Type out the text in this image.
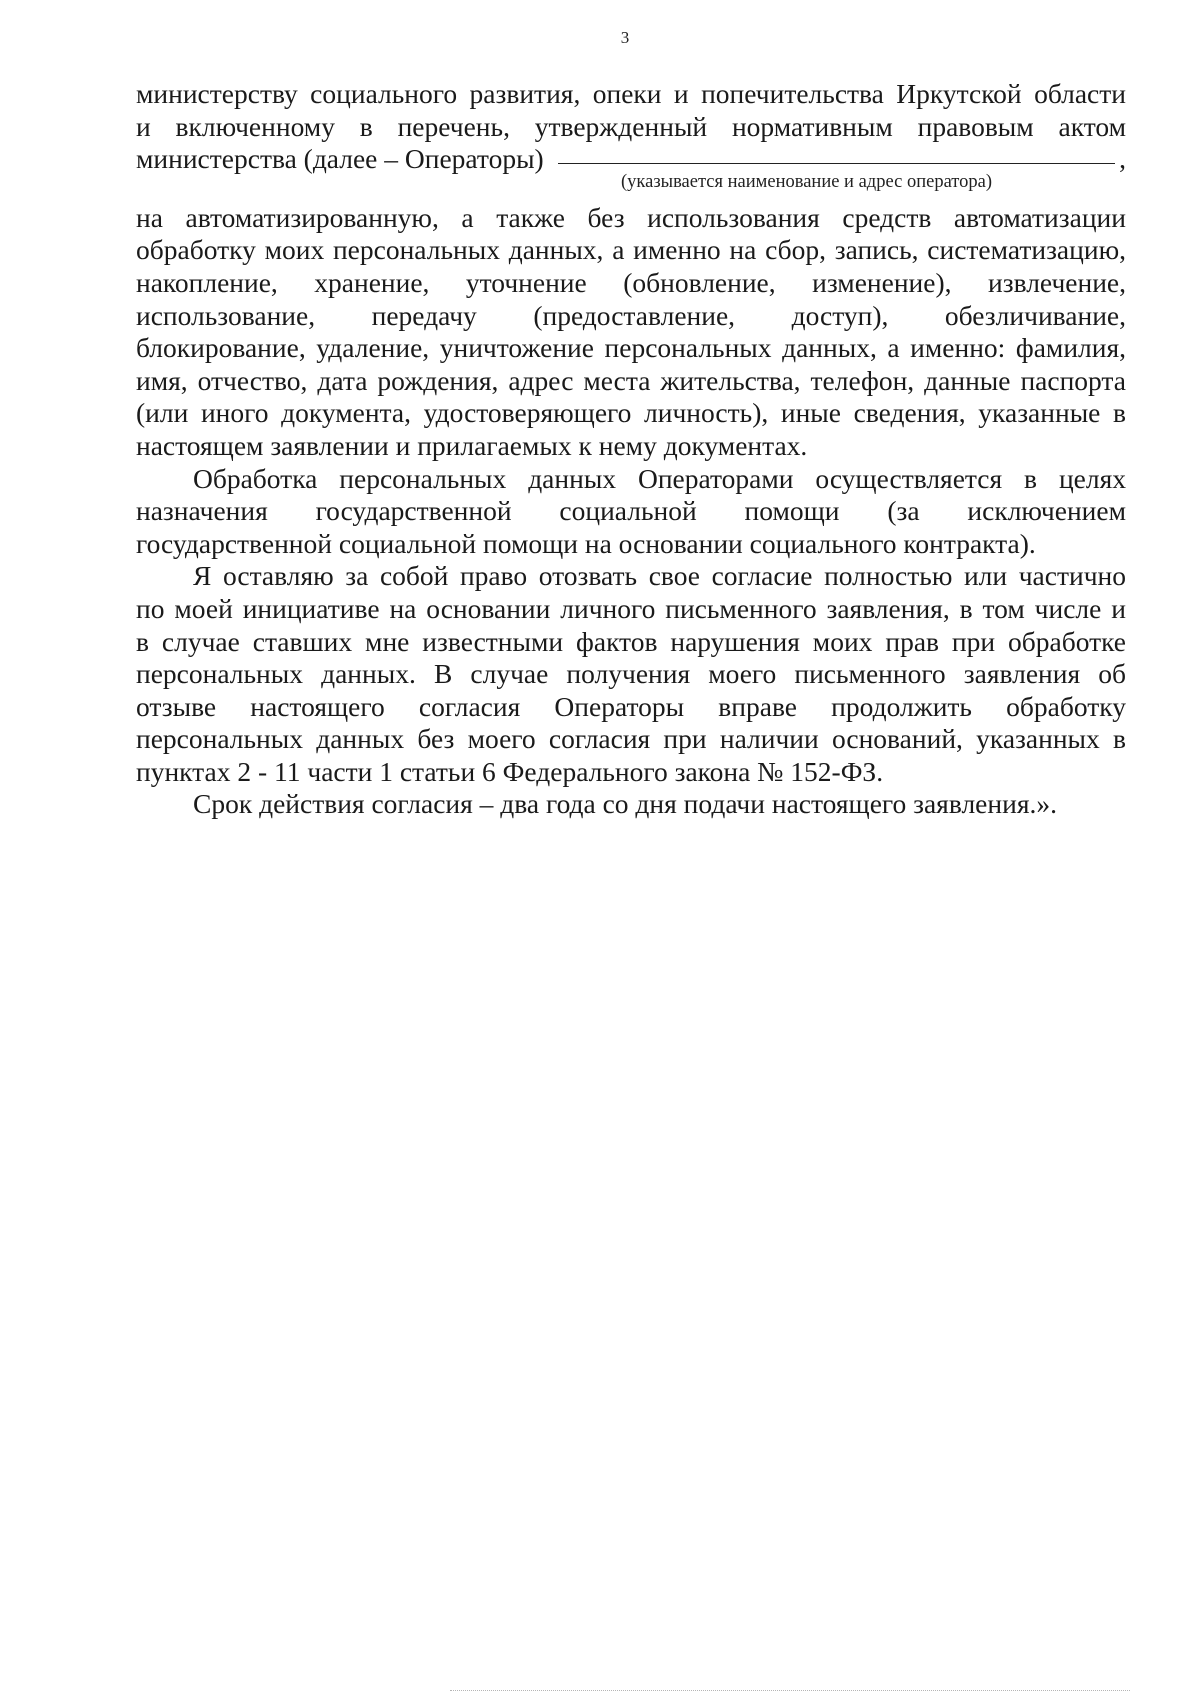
3

министерству социального развития, опеки и попечительства Иркутской области
и включенному в перечень, утвержденный нормативным правовым актом
министерства (далее – Операторы)	,
(указывается наименование и адрес оператора)
на автоматизированную, а также без использования средств автоматизации
обработку моих персональных данных, а именно на сбор, запись, систематизацию,
накопление, хранение, уточнение (обновление, изменение), извлечение,
использование, передачу (предоставление, доступ), обезличивание,
блокирование, удаление, уничтожение персональных данных, а именно: фамилия,
имя, отчество, дата рождения, адрес места жительства, телефон, данные паспорта
(или иного документа, удостоверяющего личность), иные сведения, указанные в
настоящем заявлении и прилагаемых к нему документах.

Обработка персональных данных Операторами осуществляется в целях
назначения государственной социальной помощи (за исключением
государственной социальной помощи на основании социального контракта).

Я оставляю за собой право отозвать свое согласие полностью или частично
по моей инициативе на основании личного письменного заявления, в том числе и
в случае ставших мне известными фактов нарушения моих прав при обработке
персональных данных. В случае получения моего письменного заявления об
отзыве настоящего согласия Операторы вправе продолжить обработку
персональных данных без моего согласия при наличии оснований, указанных в
пунктах 2 - 11 части 1 статьи 6 Федерального закона № 152-ФЗ.

Срок действия согласия – два года со дня подачи настоящего заявления.».
